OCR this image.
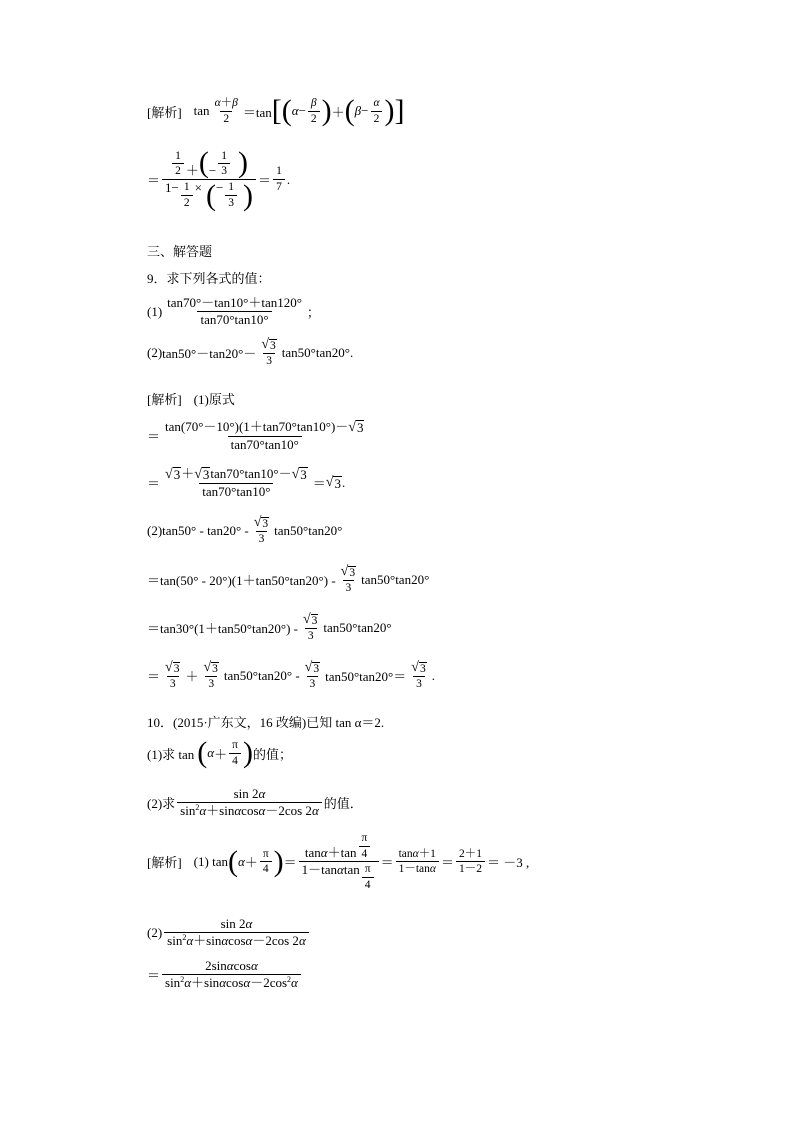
[解析] $\tan \frac{\alpha + \beta}{2} =\tan$ [ ( $\alpha - \frac{\beta}{2}$ ) ＋ ( $\beta - \frac{\alpha}{2}$ ) ]
＝ $\frac{\frac{1}{2} + ( - \frac{1}{3} )}{1- \frac{1}{2} \times ( - \frac{1}{3} )} = \frac{1}{7}$ .
三、解答题
9．求下列各式的值：
$(1) \frac{\tan 70^\circ-\tan 10^\circ+\tan 120^\circ}{\tan 70^\circ\tan 10^\circ}$ ；
(2) $\tan 50^\circ-\tan 20^\circ- \frac{√ 3}{3} \tan 50^\circ\tan 20^\circ$.
[解析] (1)原式
＝ $\frac{\tan(70^\circ-10^\circ)(1+\tan 70^\circ\tan 10^\circ)- √ 3}{\tan 70^\circ\tan 10^\circ}$
＝ $\frac{√ 3 + √ 3 \tan 70^\circ\tan 10^\circ- √ 3}{\tan 70^\circ\tan 10^\circ}$ ＝ √ 3 .
$(2)\tan 50^\circ - \tan 20^\circ - \frac{√ 3}{3} \tan 50^\circ\tan 20^\circ$
$=\tan(50^\circ - 20^\circ)(1+\tan 50^\circ\tan 20^\circ) - \frac{√ 3}{3} \tan 50^\circ\tan 20^\circ$
$=\tan 30^\circ(1+\tan 50^\circ\tan 20^\circ) - \frac{√ 3}{3} \tan 50^\circ\tan 20^\circ$
＝ $\frac{√ 3}{3} + \frac{√ 3}{3} \tan 50^\circ\tan 20^\circ - \frac{√ 3}{3} \tan 50^\circ\tan 20^\circ= \frac{√ 3}{3}$ .
10．(2015·广东文，16 改编)已知 tan α＝2.
(1)求 tan ( $\alpha + \frac{\pi}{4}$ ) 的值；
(2)求 $\frac{\sin 2 \alpha}{\text{sin 2 α ＋sin α cos α －2cos 2 α}}$ 的值．
[解析] (1) tan ( $\alpha + \frac{\pi}{4}$ ) ＝ $\frac{\tan \alpha +\tan \frac{\pi}{4}}{1-\tan \alpha \tan \frac{\pi}{4}} = \frac{\text{tan α ＋1}}{\text{1－tan α}} = \frac{2+1}{1-2} = -3$ ,
$(2) \frac{\sin 2 \alpha}{\text{sin 2 α ＋sin α cos α －2cos 2 α}}$
＝ $\frac{\text{2sin α cos α}}{\text{sin 2 α ＋sin α cos α －2cos 2 α}}$
